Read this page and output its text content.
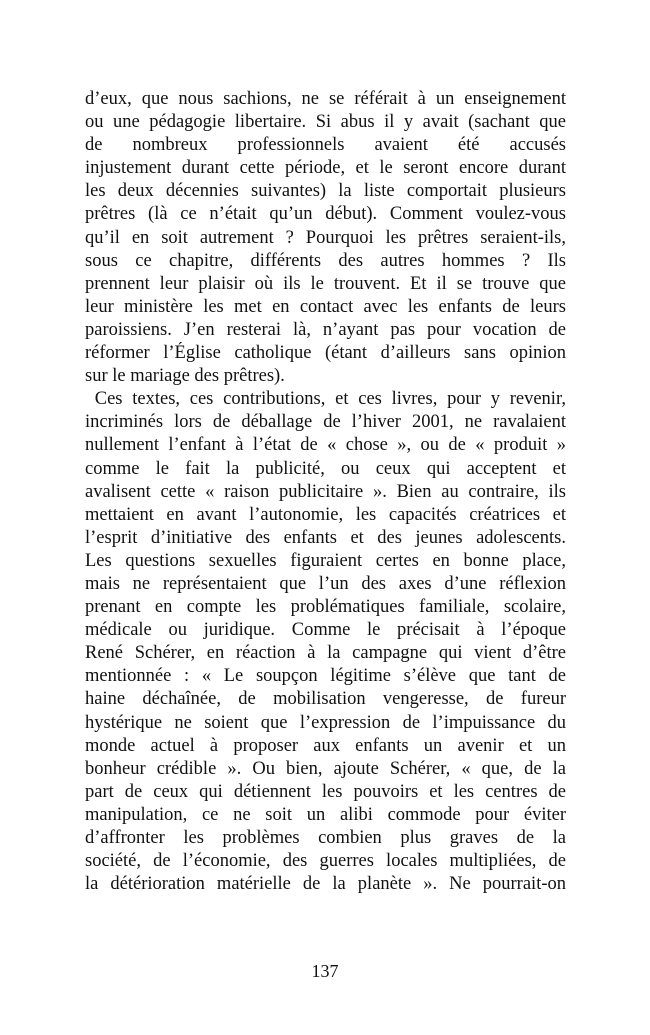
d’eux, que nous sachions, ne se référait à un enseignement
ou une pédagogie libertaire. Si abus il y avait (sachant que
de nombreux professionnels avaient été accusés
injustement durant cette période, et le seront encore durant
les deux décennies suivantes) la liste comportait plusieurs
prêtres (là ce n’était qu’un début). Comment voulez-vous
qu’il en soit autrement ? Pourquoi les prêtres seraient-ils,
sous ce chapitre, différents des autres hommes ? Ils
prennent leur plaisir où ils le trouvent. Et il se trouve que
leur ministère les met en contact avec les enfants de leurs
paroissiens. J’en resterai là, n’ayant pas pour vocation de
réformer l’Église catholique (étant d’ailleurs sans opinion
sur le mariage des prêtres).
Ces textes, ces contributions, et ces livres, pour y revenir,
incriminés lors de déballage de l’hiver 2001, ne ravalaient
nullement l’enfant à l’état de « chose », ou de « produit »
comme le fait la publicité, ou ceux qui acceptent et
avalisent cette « raison publicitaire ». Bien au contraire, ils
mettaient en avant l’autonomie, les capacités créatrices et
l’esprit d’initiative des enfants et des jeunes adolescents.
Les questions sexuelles figuraient certes en bonne place,
mais ne représentaient que l’un des axes d’une réflexion
prenant en compte les problématiques familiale, scolaire,
médicale ou juridique. Comme le précisait à l’époque
René Schérer, en réaction à la campagne qui vient d’être
mentionnée : « Le soupçon légitime s’élève que tant de
haine déchaînée, de mobilisation vengeresse, de fureur
hystérique ne soient que l’expression de l’impuissance du
monde actuel à proposer aux enfants un avenir et un
bonheur crédible ». Ou bien, ajoute Schérer, « que, de la
part de ceux qui détiennent les pouvoirs et les centres de
manipulation, ce ne soit un alibi commode pour éviter
d’affronter les problèmes combien plus graves de la
société, de l’économie, des guerres locales multipliées, de
la détérioration matérielle de la planète ». Ne pourrait-on
137
